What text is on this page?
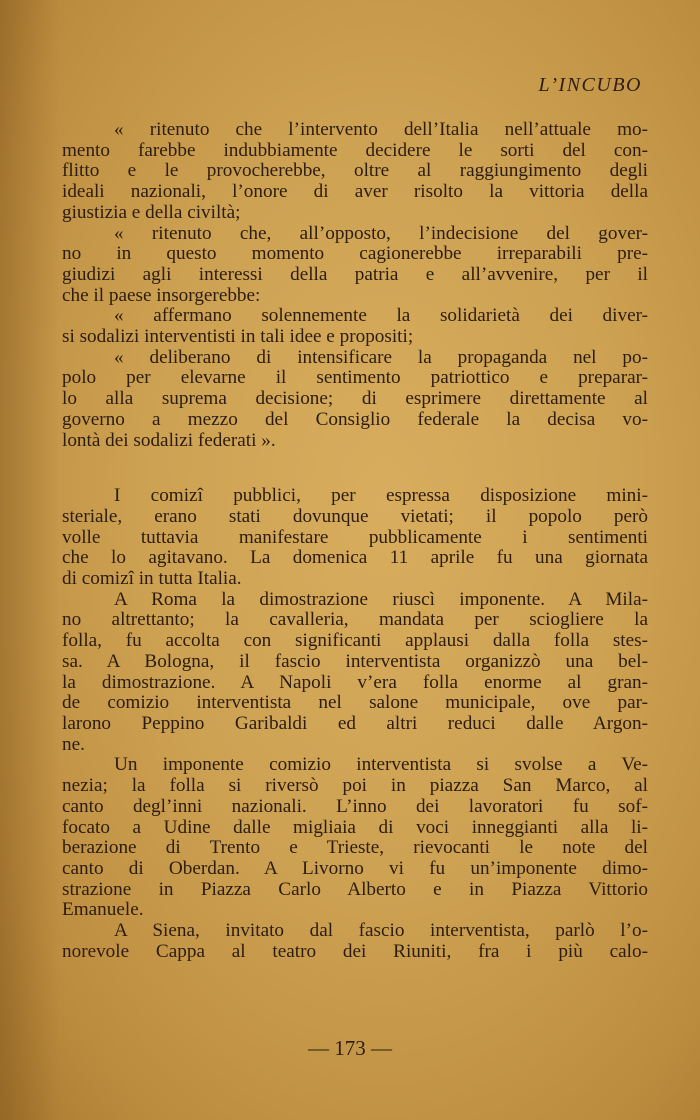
L’INCUBO
« ritenuto che l’intervento dell’Italia nell’attuale mo-
mento farebbe indubbiamente decidere le sorti del con-
flitto e le provocherebbe, oltre al raggiungimento degli
ideali nazionali, l’onore di aver risolto la vittoria della
giustizia e della civiltà;
« ritenuto che, all’opposto, l’indecisione del gover-
no in questo momento cagionerebbe irreparabili pre-
giudizi agli interessi della patria e all’avvenire, per il
che il paese insorgerebbe:
« affermano solennemente la solidarietà dei diver-
si sodalizi interventisti in tali idee e propositi;
« deliberano di intensificare la propaganda nel po-
polo per elevarne il sentimento patriottico e preparar-
lo alla suprema decisione; di esprimere direttamente al
governo a mezzo del Consiglio federale la decisa vo-
lontà dei sodalizi federati ».
I comizî pubblici, per espressa disposizione mini-
steriale, erano stati dovunque vietati; il popolo però
volle tuttavia manifestare pubblicamente i sentimenti
che lo agitavano. La domenica 11 aprile fu una giornata
di comizî in tutta Italia.
A Roma la dimostrazione riuscì imponente. A Mila-
no altrettanto; la cavalleria, mandata per sciogliere la
folla, fu accolta con significanti applausi dalla folla stes-
sa. A Bologna, il fascio interventista organizzò una bel-
la dimostrazione. A Napoli v’era folla enorme al gran-
de comizio interventista nel salone municipale, ove par-
larono Peppino Garibaldi ed altri reduci dalle Argon-
ne.
Un imponente comizio interventista si svolse a Ve-
nezia; la folla si riversò poi in piazza San Marco, al
canto degl’inni nazionali. L’inno dei lavoratori fu sof-
focato a Udine dalle migliaia di voci inneggianti alla li-
berazione di Trento e Trieste, rievocanti le note del
canto di Oberdan. A Livorno vi fu un’imponente dimo-
strazione in Piazza Carlo Alberto e in Piazza Vittorio
Emanuele.
A Siena, invitato dal fascio interventista, parlò l’o-
norevole Cappa al teatro dei Riuniti, fra i più calo-
— 173 —
